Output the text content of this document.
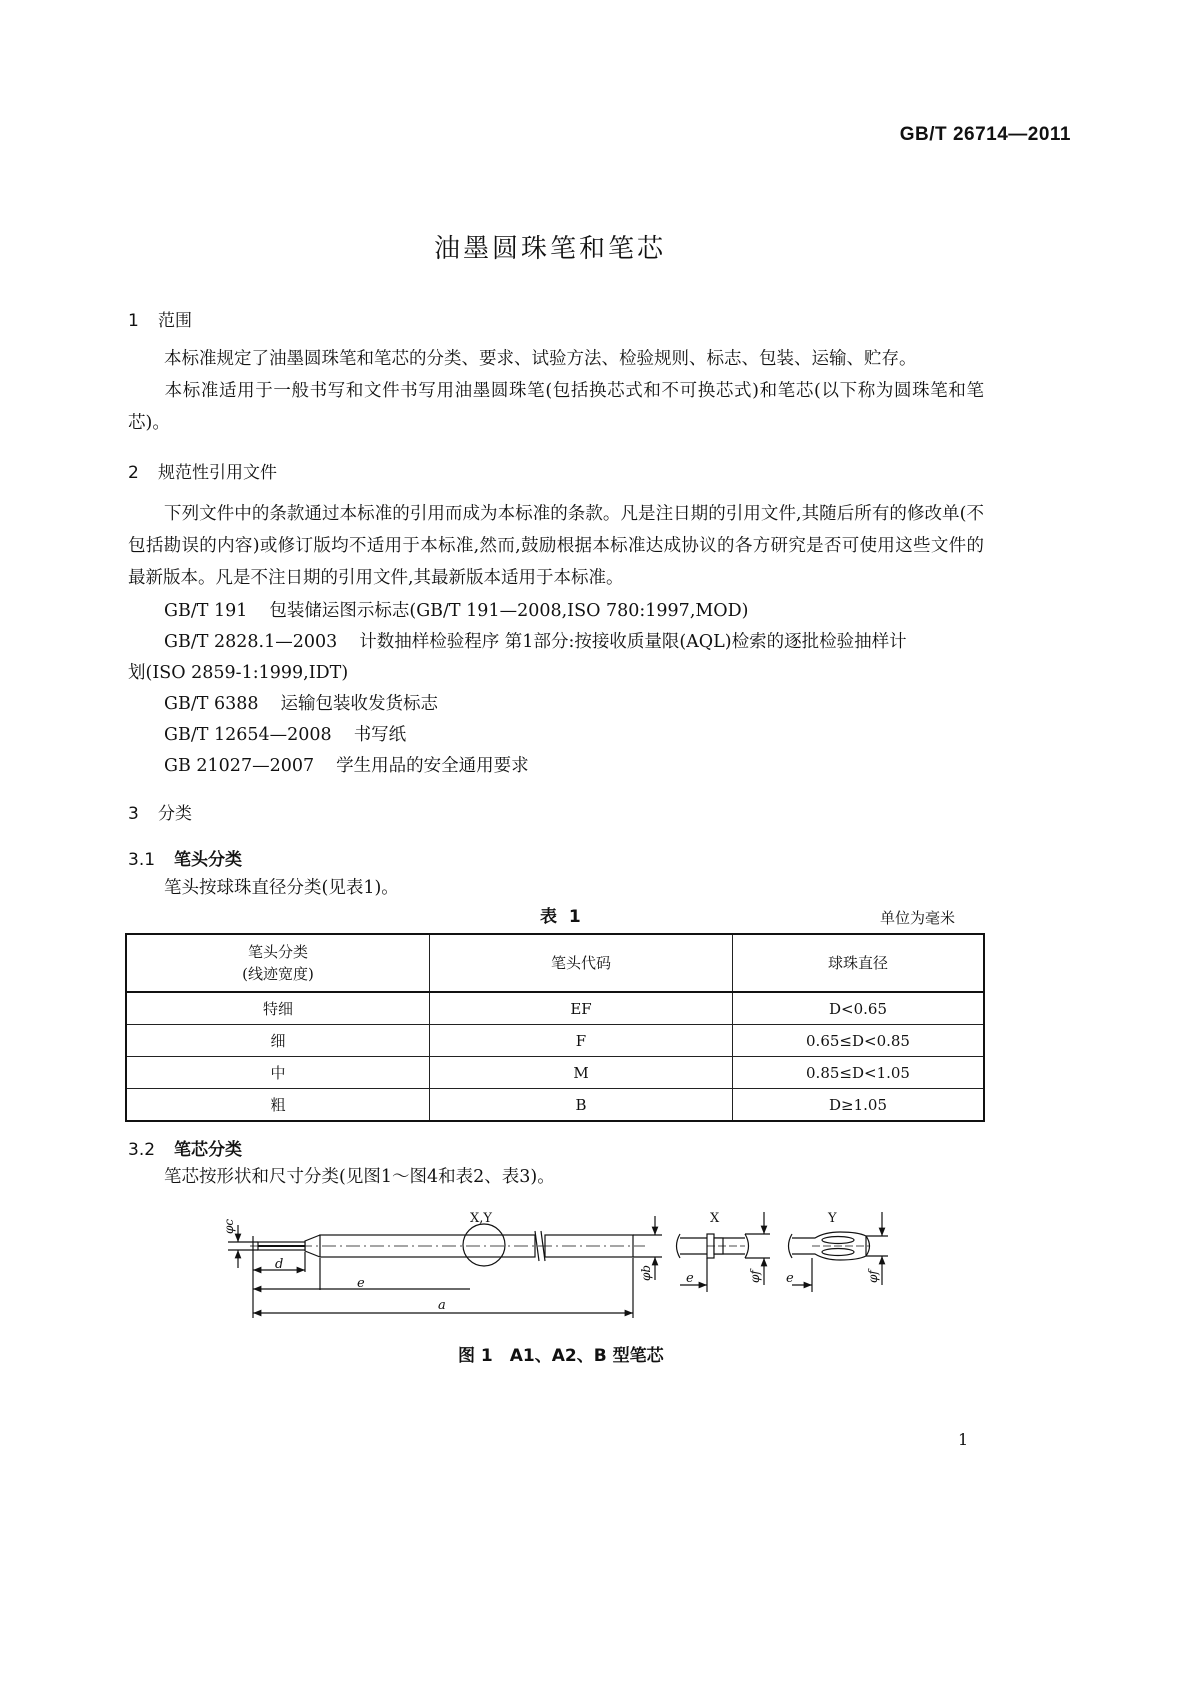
GB/T 26714—2011
油墨圆珠笔和笔芯
1 范围
本标准规定了油墨圆珠笔和笔芯的分类、要求、试验方法、检验规则、标志、包装、运输、贮存。
本标准适用于一般书写和文件书写用油墨圆珠笔(包括换芯式和不可换芯式)和笔芯(以下称为圆珠笔和笔芯)。
2 规范性引用文件
下列文件中的条款通过本标准的引用而成为本标准的条款。凡是注日期的引用文件,其随后所有的修改单(不包括勘误的内容)或修订版均不适用于本标准,然而,鼓励根据本标准达成协议的各方研究是否可使用这些文件的最新版本。凡是不注日期的引用文件,其最新版本适用于本标准。
GB/T 191 包装储运图示标志(GB/T 191—2008,ISO 780:1997,MOD)
GB/T 2828.1—2003 计数抽样检验程序 第1部分:按接收质量限(AQL)检索的逐批检验抽样计
划(ISO 2859-1:1999,IDT)
GB/T 6388 运输包装收发货标志
GB/T 12654—2008 书写纸
GB 21027—2007 学生用品的安全通用要求
3 分类
3.1 笔头分类
笔头按球珠直径分类(见表1)。
表 1	单位为毫米
笔头分类
(线迹宽度)	笔头代码	球珠直径
特细	EF	D<0.65
细	F	0.65≤D<0.85
中	M	0.85≤D<1.05
粗	B	D≥1.05
3.2 笔芯分类
笔芯按形状和尺寸分类(见图1～图4和表2、表3)。
X,Y	X	Y
d
e
a
e	e
φc
φb	φf	φf
图 1　A1、A2、B 型笔芯
1
